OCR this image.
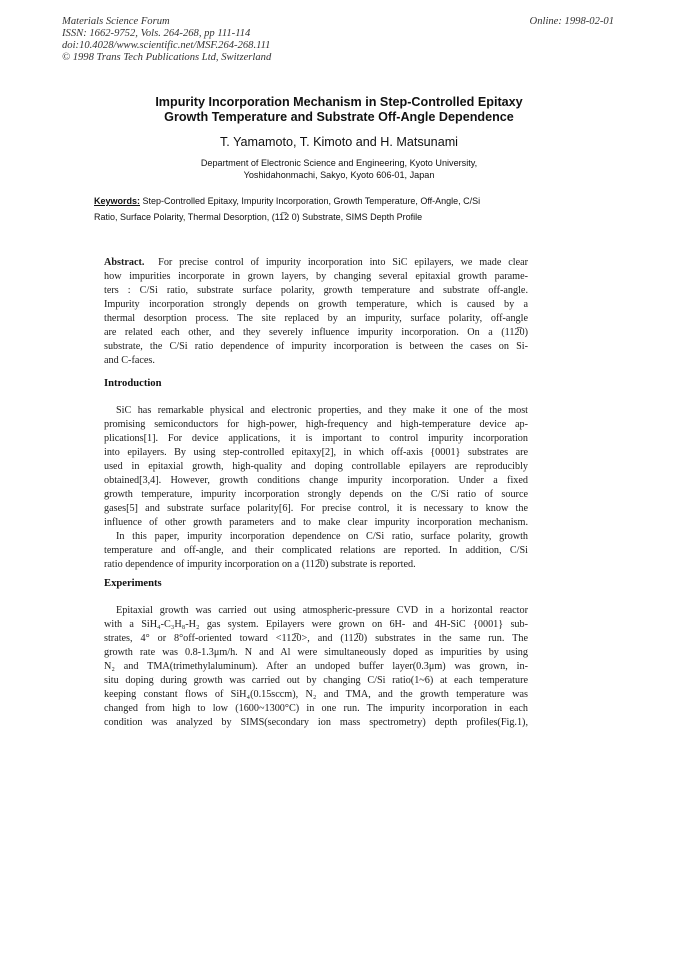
Materials Science Forum
ISSN: 1662-9752, Vols. 264-268, pp 111-114
doi:10.4028/www.scientific.net/MSF.264-268.111
© 1998 Trans Tech Publications Ltd, Switzerland
Online: 1998-02-01
Impurity Incorporation Mechanism in Step-Controlled Epitaxy
Growth Temperature and Substrate Off-Angle Dependence
T. Yamamoto, T. Kimoto and H. Matsunami
Department of Electronic Science and Engineering, Kyoto University,
Yoshidahonmachi, Sakyo, Kyoto 606-01, Japan
Keywords: Step-Controlled Epitaxy, Impurity Incorporation, Growth Temperature, Off-Angle, C/Si
Ratio, Surface Polarity, Thermal Desorption, (11̅2 0) Substrate, SIMS Depth Profile
Abstract. For precise control of impurity incorporation into SiC epilayers, we made clear
how impurities incorporate in grown layers, by changing several epitaxial growth parame-
ters : C/Si ratio, substrate surface polarity, growth temperature and substrate off-angle.
Impurity incorporation strongly depends on growth temperature, which is caused by a
thermal desorption process. The site replaced by an impurity, surface polarity, off-angle
are related each other, and they severely influence impurity incorporation. On a (112̅0)
substrate, the C/Si ratio dependence of impurity incorporation is between the cases on Si-
and C-faces.
Introduction
SiC has remarkable physical and electronic properties, and they make it one of the most
promising semiconductors for high-power, high-frequency and high-temperature device ap-
plications[1]. For device applications, it is important to control impurity incorporation
into epilayers. By using step-controlled epitaxy[2], in which off-axis {0001} substrates are
used in epitaxial growth, high-quality and doping controllable epilayers are reproducibly
obtained[3,4]. However, growth conditions change impurity incorporation. Under a fixed
growth temperature, impurity incorporation strongly depends on the C/Si ratio of source
gases[5] and substrate surface polarity[6]. For precise control, it is necessary to know the
influence of other growth parameters and to make clear impurity incorporation mechanism.
In this paper, impurity incorporation dependence on C/Si ratio, surface polarity, growth
temperature and off-angle, and their complicated relations are reported. In addition, C/Si
ratio dependence of impurity incorporation on a (112̅0) substrate is reported.
Experiments
Epitaxial growth was carried out using atmospheric-pressure CVD in a horizontal reactor
with a SiH₄-C₃H₈-H₂ gas system. Epilayers were grown on 6H- and 4H-SiC {0001} sub-
strates, 4° or 8°off-oriented toward <112̅0>, and (112̅0) substrates in the same run. The
growth rate was 0.8-1.3μm/h. N and Al were simultaneously doped as impurities by using
N₂ and TMA(trimethylaluminum). After an undoped buffer layer(0.3μm) was grown, in-
situ doping during growth was carried out by changing C/Si ratio(1~6) at each temperature
keeping constant flows of SiH₄(0.15sccm), N₂ and TMA, and the growth temperature was
changed from high to low (1600~1300°C) in one run. The impurity incorporation in each
condition was analyzed by SIMS(secondary ion mass spectrometry) depth profiles(Fig.1),
